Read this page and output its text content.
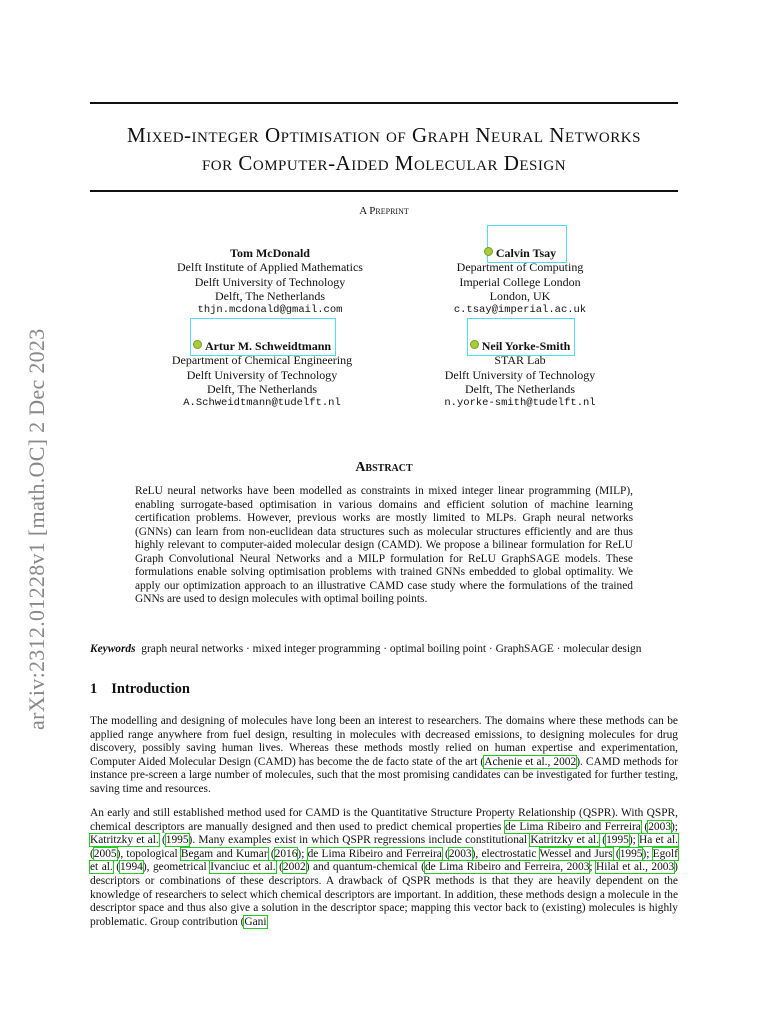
arXiv:2312.01228v1 [math.OC] 2 Dec 2023
Mixed-integer Optimisation of Graph Neural Networks
for Computer-Aided Molecular Design
A Preprint
Tom McDonald
Delft Institute of Applied Mathematics
Delft University of Technology
Delft, The Netherlands
thjn.mcdonald@gmail.com
Calvin Tsay
Department of Computing
Imperial College London
London, UK
c.tsay@imperial.ac.uk
Artur M. Schweidtmann
Department of Chemical Engineering
Delft University of Technology
Delft, The Netherlands
A.Schweidtmann@tudelft.nl
Neil Yorke-Smith
STAR Lab
Delft University of Technology
Delft, The Netherlands
n.yorke-smith@tudelft.nl
Abstract
ReLU neural networks have been modelled as constraints in mixed integer linear programming (MILP), enabling surrogate-based optimisation in various domains and efficient solution of machine learning certification problems. However, previous works are mostly limited to MLPs. Graph neural networks (GNNs) can learn from non-euclidean data structures such as molecular structures efficiently and are thus highly relevant to computer-aided molecular design (CAMD). We propose a bilinear formulation for ReLU Graph Convolutional Neural Networks and a MILP formulation for ReLU GraphSAGE models. These formulations enable solving optimisation problems with trained GNNs embedded to global optimality. We apply our optimization approach to an illustrative CAMD case study where the formulations of the trained GNNs are used to design molecules with optimal boiling points.
Keywords graph neural networks · mixed integer programming · optimal boiling point · GraphSAGE · molecular design
1 Introduction
The modelling and designing of molecules have long been an interest to researchers. The domains where these methods can be applied range anywhere from fuel design, resulting in molecules with decreased emissions, to designing molecules for drug discovery, possibly saving human lives. Whereas these methods mostly relied on human expertise and experimentation, Computer Aided Molecular Design (CAMD) has become the de facto state of the art (Achenie et al., 2002). CAMD methods for instance pre-screen a large number of molecules, such that the most promising candidates can be investigated for further testing, saving time and resources.
An early and still established method used for CAMD is the Quantitative Structure Property Relationship (QSPR). With QSPR, chemical descriptors are manually designed and then used to predict chemical properties de Lima Ribeiro and Ferreira (2003); Katritzky et al. (1995). Many examples exist in which QSPR regressions include constitutional Katritzky et al. (1995); Ha et al. (2005), topological Begam and Kumar (2016); de Lima Ribeiro and Ferreira (2003), electrostatic Wessel and Jurs (1995); Egolf et al. (1994), geometrical Ivanciuc et al. (2002) and quantum-chemical (de Lima Ribeiro and Ferreira, 2003; Hilal et al., 2003) descriptors or combinations of these descriptors. A drawback of QSPR methods is that they are heavily dependent on the knowledge of researchers to select which chemical descriptors are important. In addition, these methods design a molecule in the descriptor space and thus also give a solution in the descriptor space; mapping this vector back to (existing) molecules is highly problematic. Group contribution (Gani
